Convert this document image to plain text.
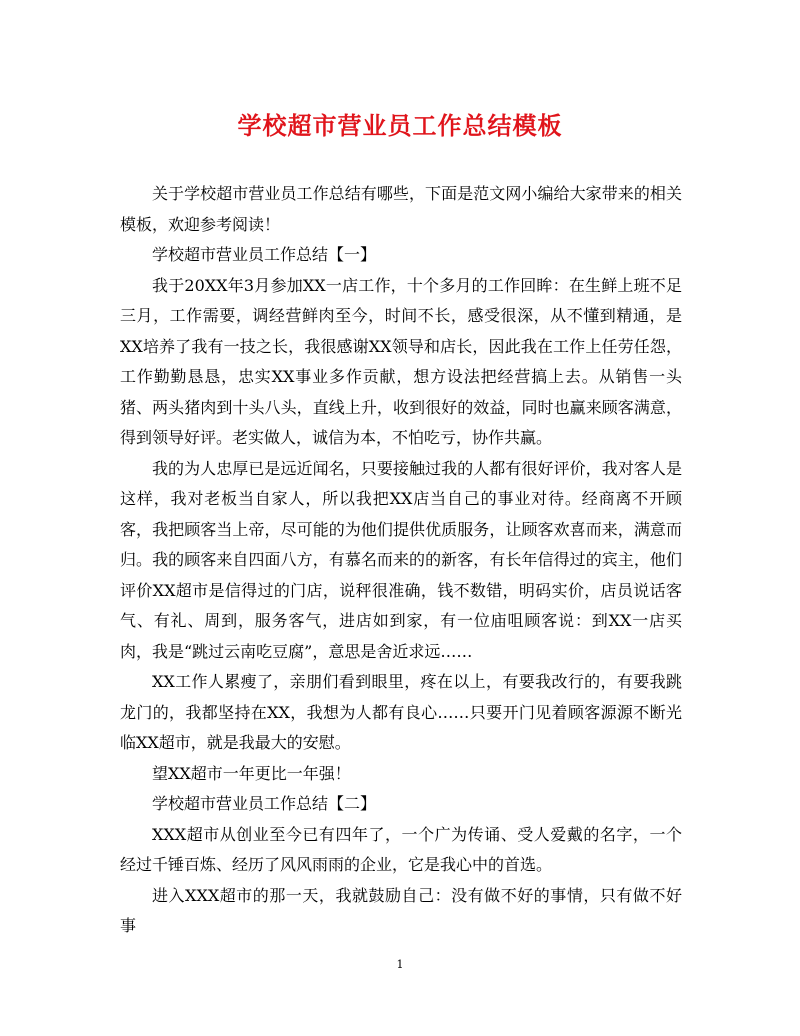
学校超市营业员工作总结模板

关于学校超市营业员工作总结有哪些，下面是范文网小编给大家带来的相关模板，欢迎参考阅读！

学校超市营业员工作总结【一】

我于20XX年3月参加XX一店工作，十个多月的工作回眸：在生鲜上班不足三月，工作需要，调经营鲜肉至今，时间不长，感受很深，从不懂到精通，是XX培养了我有一技之长，我很感谢XX领导和店长，因此我在工作上任劳任怨，工作勤勤恳恳，忠实XX事业多作贡献，想方设法把经营搞上去。从销售一头猪、两头猪肉到十头八头，直线上升，收到很好的效益，同时也赢来顾客满意，得到领导好评。老实做人，诚信为本，不怕吃亏，协作共赢。

我的为人忠厚已是远近闻名，只要接触过我的人都有很好评价，我对客人是这样，我对老板当自家人，所以我把XX店当自己的事业对待。经商离不开顾客，我把顾客当上帝，尽可能的为他们提供优质服务，让顾客欢喜而来，满意而归。我的顾客来自四面八方，有慕名而来的的新客，有长年信得过的宾主，他们评价XX超市是信得过的门店，说秤很准确，钱不数错，明码实价，店员说话客气、有礼、周到，服务客气，进店如到家，有一位庙咀顾客说：到XX一店买肉，我是“跳过云南吃豆腐”，意思是舍近求远……

XX工作人累瘦了，亲朋们看到眼里，疼在以上，有要我改行的，有要我跳龙门的，我都坚持在XX，我想为人都有良心……只要开门见着顾客源源不断光临XX超市，就是我最大的安慰。

望XX超市一年更比一年强！

学校超市营业员工作总结【二】

XXX超市从创业至今已有四年了，一个广为传诵、受人爱戴的名字，一个经过千锤百炼、经历了风风雨雨的企业，它是我心中的首选。

进入XXX超市的那一天，我就鼓励自己：没有做不好的事情，只有做不好事

1
